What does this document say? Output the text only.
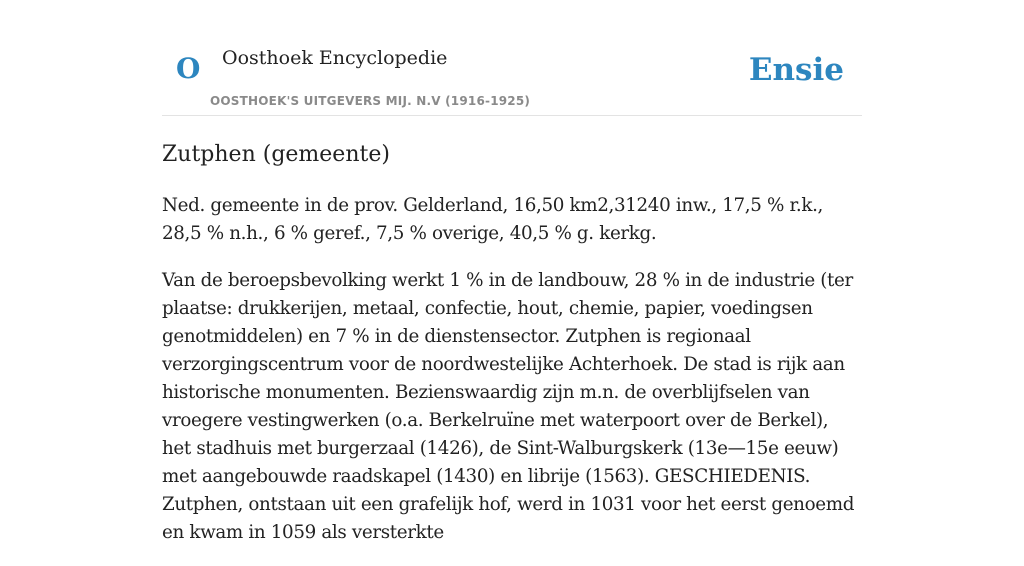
O Oosthoek Encyclopedie
OOSTHOEK'S UITGEVERS MIJ. N.V (1916-1925)
Ensie
Zutphen (gemeente)

Ned. gemeente in de prov. Gelderland, 16,50 km2,31240 inw., 17,5 % r.k., 28,5 % n.h., 6 % geref., 7,5 % overige, 40,5 % g. kerkg.

Van de beroepsbevolking werkt 1 % in de landbouw, 28 % in de industrie (ter plaatse: drukkerijen, metaal, confectie, hout, chemie, papier, voedingsen genotmiddelen) en 7 % in de dienstensector. Zutphen is regionaal verzorgingscentrum voor de noordwestelijke Achterhoek. De stad is rijk aan historische monumenten. Bezienswaardig zijn m.n. de overblijfselen van vroegere vestingwerken (o.a. Berkelruïne met waterpoort over de Berkel), het stadhuis met burgerzaal (1426), de Sint-Walburgskerk (13e—15e eeuw) met aangebouwde raadskapel (1430) en librije (1563). GESCHIEDENIS. Zutphen, ontstaan uit een grafelijk hof, werd in 1031 voor het eerst genoemd en kwam in 1059 als versterkte
